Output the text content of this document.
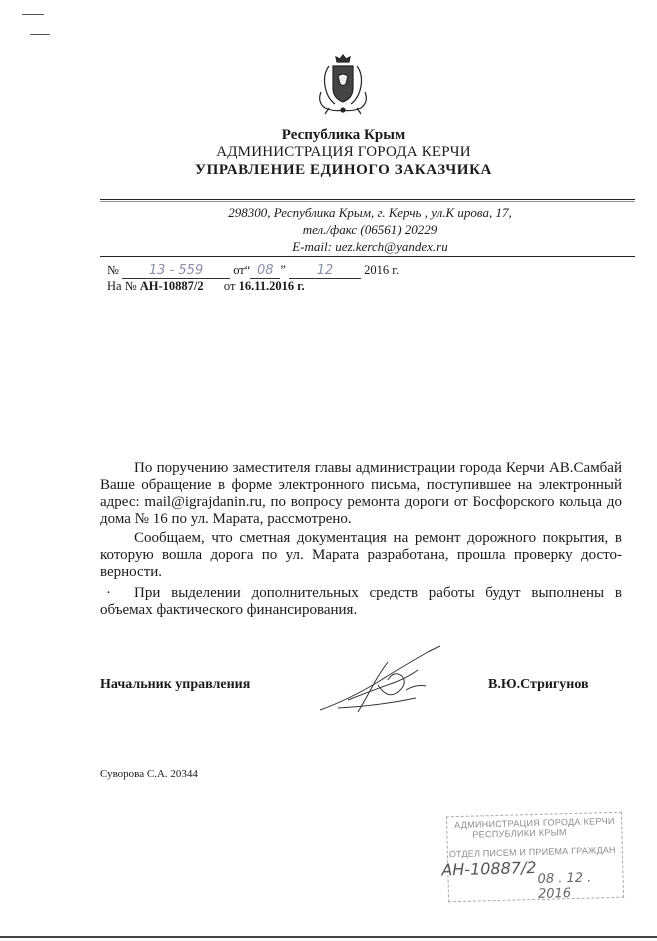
Республика Крым
АДМИНИСТРАЦИЯ ГОРОДА КЕРЧИ
УПРАВЛЕНИЕ ЕДИНОГО ЗАКАЗЧИКА
298300, Республика Крым, г. Керчь , ул.К ирова, 17,
тел./факс (06561) 20229
E-mail: uez.kerch@yandex.ru
№ 13 - 559 от“ 08 ” 12 2016 г.
На № АН-10887/2 от 16.11.2016 г.
По поручению заместителя главы администрации города Керчи АВ.Самбай Ваше обращение в форме электронного письма, поступившее на электронный адрес: mail@igrajdanin.ru, по вопросу ремонта дороги от Босфорского кольца до дома № 16 по ул. Марата, рассмотрено.
Сообщаем, что сметная документация на ремонт дорожного покрытия, в которую вошла дорога по ул. Марата разработана, прошла проверку достоверности.
· При выделении дополнительных средств работы будут выполнены в объемах фактического финансирования.
Начальник управления	В.Ю.Стригунов
Суворова С.А. 20344
АДМИНИСТРАЦИЯ ГОРОДА КЕРЧИ
РЕСПУБЛИКИ КРЫМ
ОТДЕЛ ПИСЕМ И ПРИЕМА ГРАЖДАН
АН-10887/2 08 . 12 . 2016
